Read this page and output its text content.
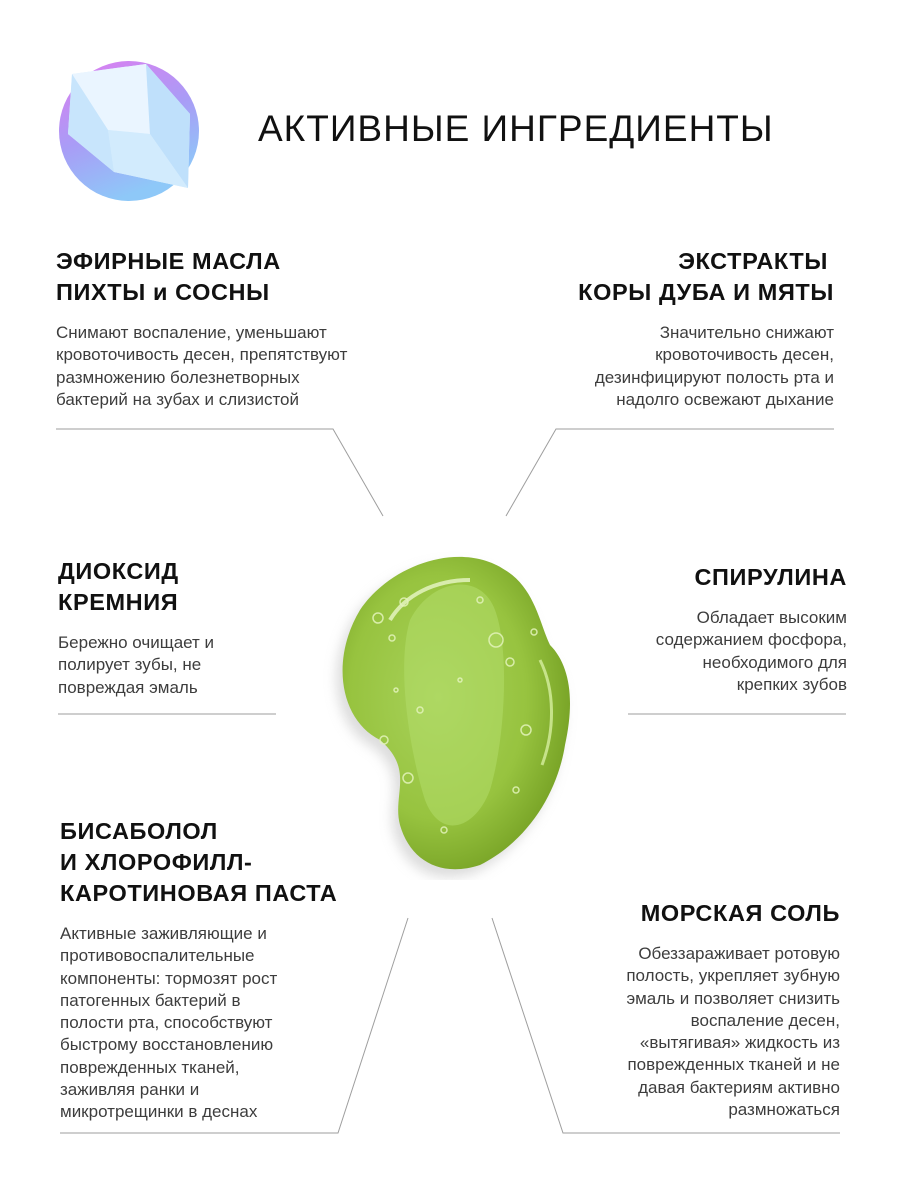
АКТИВНЫЕ ИНГРЕДИЕНТЫ
ЭФИРНЫЕ МАСЛА
ПИХТЫ и СОСНЫ

Снимают воспаление, уменьшают
кровоточивость десен, препятствуют
размножению болезнетворных
бактерий на зубах и слизистой

ЭКСТРАКТЫ
КОРЫ ДУБА И МЯТЫ

Значительно снижают
кровоточивость десен,
дезинфицируют полость рта и
надолго освежают дыхание

ДИОКСИД
КРЕМНИЯ

Бережно очищает и
полирует зубы, не
повреждая эмаль

СПИРУЛИНА

Обладает высоким
содержанием фосфора,
необходимого для
крепких зубов

БИСАБОЛОЛ
И ХЛОРОФИЛЛ-
КАРОТИНОВАЯ ПАСТА

Активные заживляющие и
противовоспалительные
компоненты: тормозят рост
патогенных бактерий в
полости рта, способствуют
быстрому восстановлению
поврежденных тканей,
заживляя ранки и
микротрещинки в деснах

МОРСКАЯ СОЛЬ

Обеззараживает ротовую
полость, укрепляет зубную
эмаль и позволяет снизить
воспаление десен,
«вытягивая» жидкость из
поврежденных тканей и не
давая бактериям активно
размножаться
